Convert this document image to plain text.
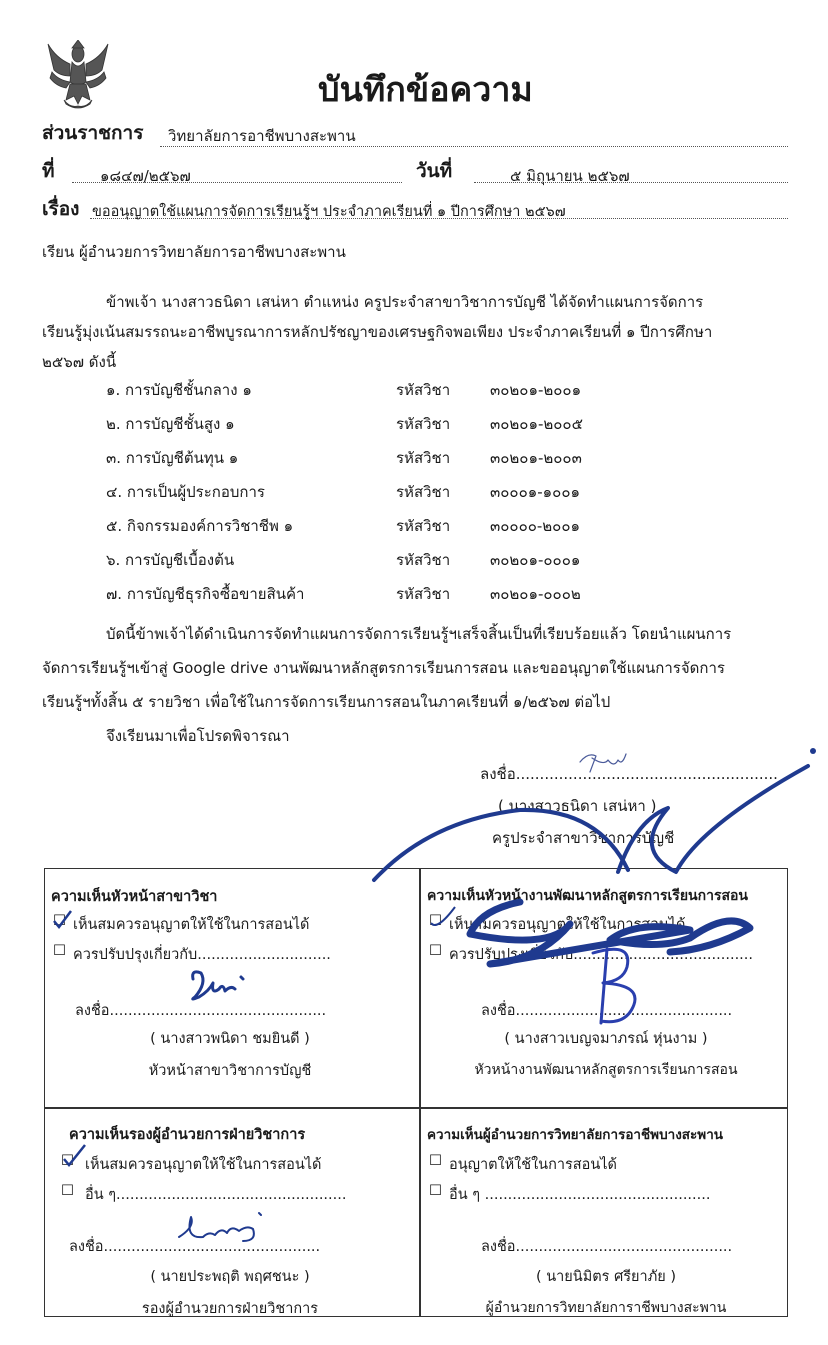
บันทึกข้อความ
ส่วนราชการ วิทยาลัยการอาชีพบางสะพาน
ที่	๑๘๔๗/๒๕๖๗	วันที่	๕ มิถุนายน ๒๕๖๗
เรื่อง ขออนุญาตใช้แผนการจัดการเรียนรู้ฯ ประจำภาคเรียนที่ ๑ ปีการศึกษา ๒๕๖๗
เรียน ผู้อำนวยการวิทยาลัยการอาชีพบางสะพาน
ข้าพเจ้า นางสาวธนิดา เสน่หา ตำแหน่ง ครูประจำสาขาวิชาการบัญชี ได้จัดทำแผนการจัดการ
เรียนรู้มุ่งเน้นสมรรถนะอาชีพบูรณาการหลักปรัชญาของเศรษฐกิจพอเพียง ประจำภาคเรียนที่ ๑ ปีการศึกษา
๒๕๖๗ ดังนี้
๑. การบัญชีชั้นกลาง ๑	รหัสวิชา	๓๐๒๐๑-๒๐๐๑
๒. การบัญชีชั้นสูง ๑	รหัสวิชา	๓๐๒๐๑-๒๐๐๕
๓. การบัญชีต้นทุน ๑	รหัสวิชา	๓๐๒๐๑-๒๐๐๓
๔. การเป็นผู้ประกอบการ	รหัสวิชา	๓๐๐๐๑-๑๐๐๑
๕. กิจกรรมองค์การวิชาชีพ ๑	รหัสวิชา	๓๐๐๐๐-๒๐๐๑
๖. การบัญชีเบื้องต้น	รหัสวิชา	๓๐๒๐๑-๐๐๐๑
๗. การบัญชีธุรกิจซื้อขายสินค้า	รหัสวิชา	๓๐๒๐๑-๐๐๐๒
บัดนี้ข้าพเจ้าได้ดำเนินการจัดทำแผนการจัดการเรียนรู้ฯเสร็จสิ้นเป็นที่เรียบร้อยแล้ว โดยนำแผนการ
จัดการเรียนรู้ฯเข้าสู่ Google drive งานพัฒนาหลักสูตรการเรียนการสอน และขออนุญาตใช้แผนการจัดการ
เรียนรู้ฯทั้งสิ้น ๕ รายวิชา เพื่อใช้ในการจัดการเรียนการสอนในภาคเรียนที่ ๑/๒๕๖๗ ต่อไป
จึงเรียนมาเพื่อโปรดพิจารณา
ลงชื่อ.......................................................
( นางสาวธนิดา เสน่หา )
ครูประจำสาขาวิชาการบัญชี
ความเห็นหัวหน้าสาขาวิชา
☐ เห็นสมควรอนุญาตให้ใช้ในการสอนได้
☐ ควรปรับปรุงเกี่ยวกับ.............................
ลงชื่อ...............................................
( นางสาวพนิดา ชมยินดี )
หัวหน้าสาขาวิชาการบัญชี
ความเห็นหัวหน้างานพัฒนาหลักสูตรการเรียนการสอน
☐ เห็นสมควรอนุญาตให้ใช้ในการสอนได้
☐ ควรปรับปรุงเกี่ยวกับ.......................................
ลงชื่อ...............................................
( นางสาวเบญจมาภรณ์ หุ่นงาม )
หัวหน้างานพัฒนาหลักสูตรการเรียนการสอน
ความเห็นรองผู้อำนวยการฝ่ายวิชาการ
☐ เห็นสมควรอนุญาตให้ใช้ในการสอนได้
☐ อื่น ๆ..................................................
ลงชื่อ...............................................
( นายประพฤติ พฤศชนะ )
รองผู้อำนวยการฝ่ายวิชาการ
ความเห็นผู้อำนวยการวิทยาลัยการอาชีพบางสะพาน
☐ อนุญาตให้ใช้ในการสอนได้
☐ อื่น ๆ .................................................
ลงชื่อ...............................................
( นายนิมิตร ศรียาภัย )
ผู้อำนวยการวิทยาลัยการาชีพบางสะพาน
